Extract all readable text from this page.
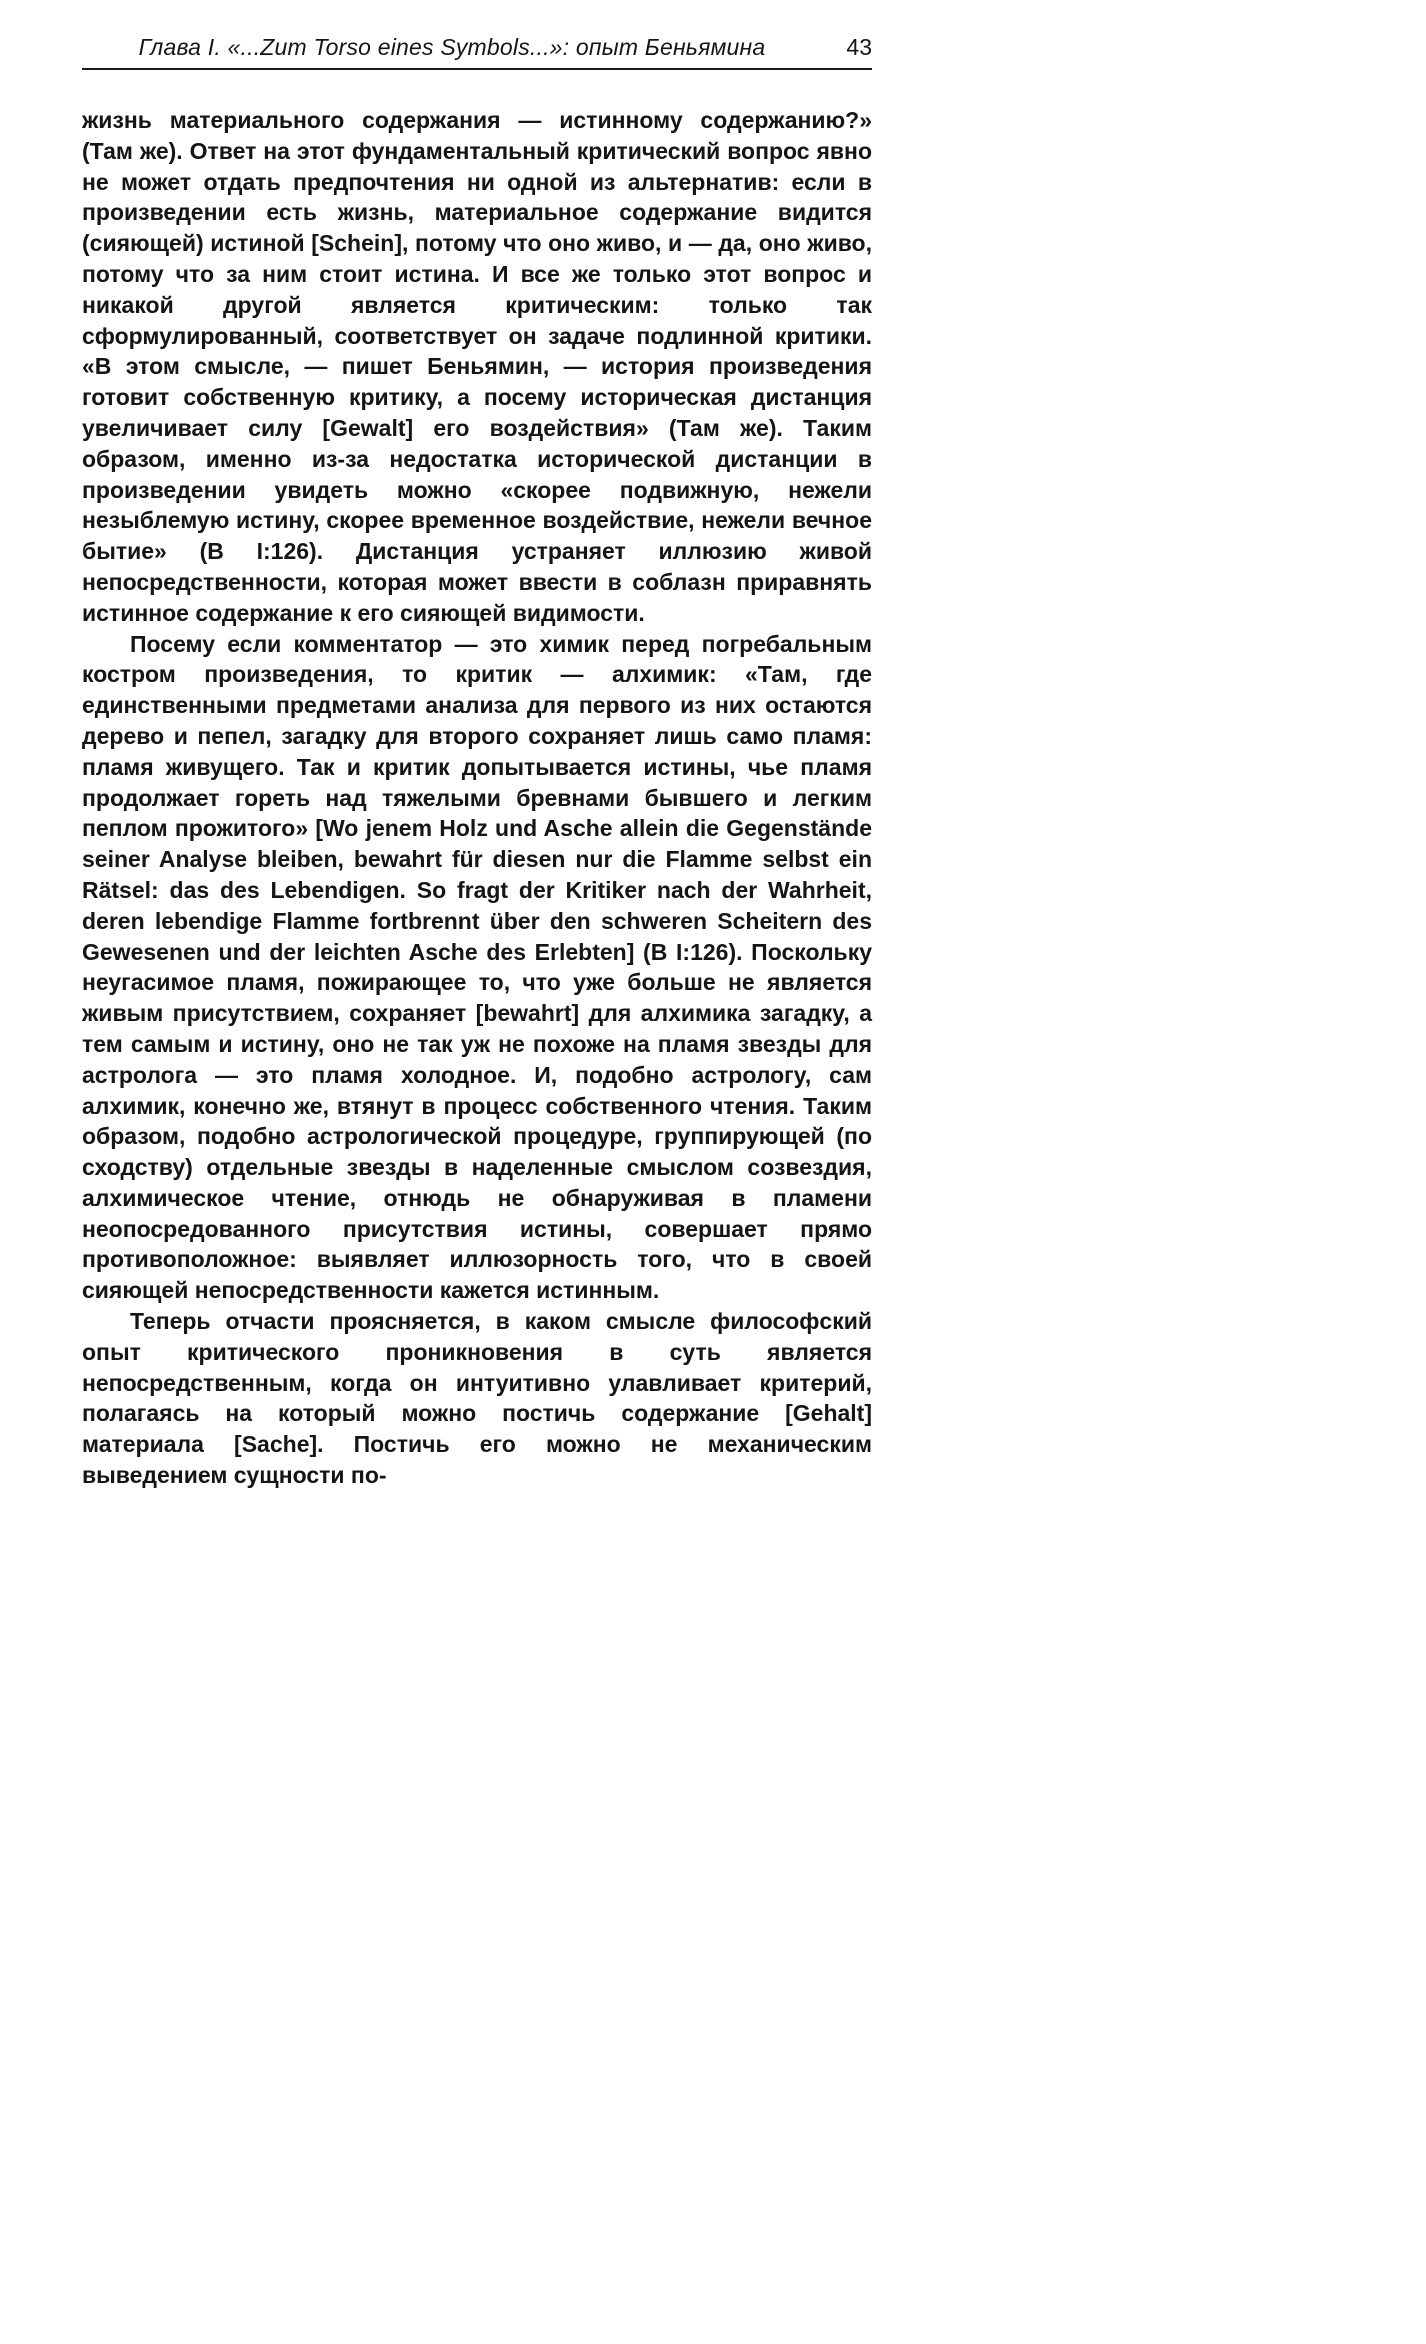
Глава I. «...Zum Torso eines Symbols...»: опыт Беньямина	43

жизнь материального содержания — истинному содержанию?» (Там же). Ответ на этот фундаментальный критический вопрос явно не может отдать предпочтения ни одной из альтернатив: если в произведении есть жизнь, материальное содержание видится (сияющей) истиной [Schein], потому что оно живо, и — да, оно живо, потому что за ним стоит истина. И все же только этот вопрос и никакой другой является критическим: только так сформулированный, соответствует он задаче подлинной критики. «В этом смысле, — пишет Беньямин, — история произведения готовит собственную критику, а посему историческая дистанция увеличивает силу [Gewalt] его воздействия» (Там же). Таким образом, именно из-за недостатка исторической дистанции в произведении увидеть можно «скорее подвижную, нежели незыблемую истину, скорее временное воздействие, нежели вечное бытие» (В I:126). Дистанция устраняет иллюзию живой непосредственности, которая может ввести в соблазн приравнять истинное содержание к его сияющей видимости.

Посему если комментатор — это химик перед погребальным костром произведения, то критик — алхимик: «Там, где единственными предметами анализа для первого из них остаются дерево и пепел, загадку для второго сохраняет лишь само пламя: пламя живущего. Так и критик допытывается истины, чье пламя продолжает гореть над тяжелыми бревнами бывшего и легким пеплом прожитого» [Wo jenem Holz und Asche allein die Gegenstände seiner Analyse bleiben, bewahrt für diesen nur die Flamme selbst ein Rätsel: das des Lebendigen. So fragt der Kritiker nach der Wahrheit, deren lebendige Flamme fortbrennt über den schweren Scheitern des Gewesenen und der leichten Asche des Erlebten] (B I:126). Поскольку неугасимое пламя, пожирающее то, что уже больше не является живым присутствием, сохраняет [bewahrt] для алхимика загадку, а тем самым и истину, оно не так уж не похоже на пламя звезды для астролога — это пламя холодное. И, подобно астрологу, сам алхимик, конечно же, втянут в процесс собственного чтения. Таким образом, подобно астрологической процедуре, группирующей (по сходству) отдельные звезды в наделенные смыслом созвездия, алхимическое чтение, отнюдь не обнаруживая в пламени неопосредованного присутствия истины, совершает прямо противоположное: выявляет иллюзорность того, что в своей сияющей непосредственности кажется истинным.

Теперь отчасти проясняется, в каком смысле философский опыт критического проникновения в суть является непосредственным, когда он интуитивно улавливает критерий, полагаясь на который можно постичь содержание [Gehalt] материала [Sache]. Постичь его можно не механическим выведением сущности по-
